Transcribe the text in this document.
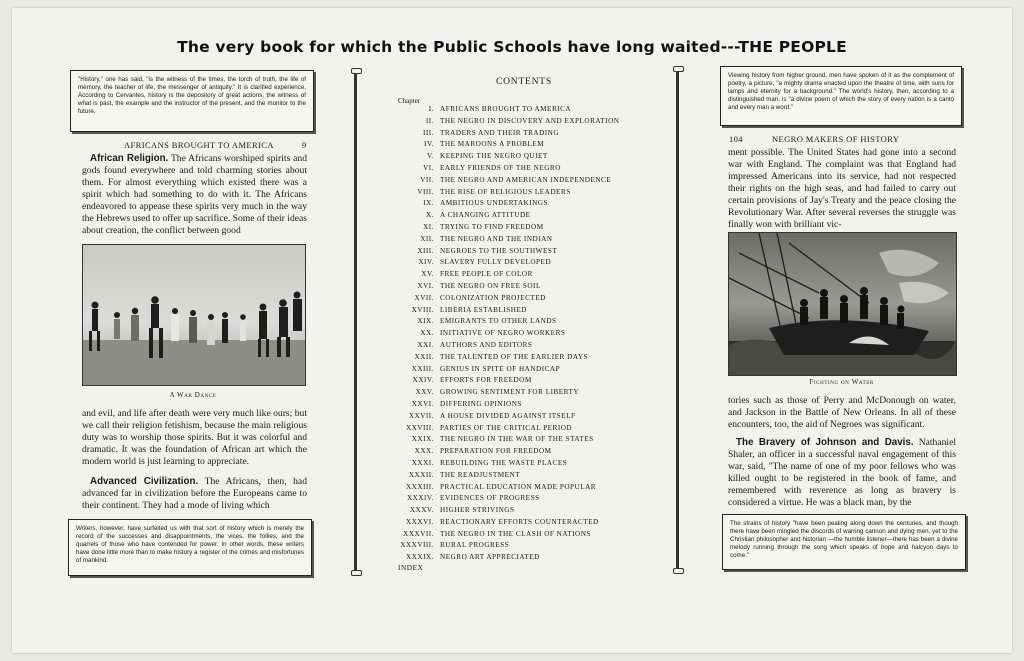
The very book for which the Public Schools have long waited---THE PEOPLE
"History," one has said, "is the witness of the times, the torch of truth, the life of memory, the teacher of life, the messenger of antiquity." It is clarified experience. According to Cervantes, history is the depository of great actions, the witness of what is past, the example and the instructor of the present, and the monitor to the future.
AFRICANS BROUGHT TO AMERICA	9
African Religion. The Africans worshiped spirits and gods found everywhere and told charming stories about them. For almost everything which existed there was a spirit which had something to do with it. The Africans endeavored to appease these spirits very much in the way the Hebrews used to offer up sacrifice. Some of their ideas about creation, the conflict between good
A War Dance
and evil, and life after death were very much like ours; but we call their religion fetishism, because the main religious duty was to worship those spirits. But it was colorful and dramatic. It was the foundation of African art which the modern world is just learning to appreciate.
Advanced Civilization. The Africans, then, had advanced far in civilization before the Europeans came to their continent. They had a mode of living which
Writers, however, have surfeited us with that sort of history which is merely the record of the successes and disappointments, the vices, the follies, and the quarrels of those who have contended for power. In other words, these writers have done little more than to make history a register of the crimes and misfortunes of mankind.
CONTENTS
Chapter
I. AFRICANS BROUGHT TO AMERICA
II. THE NEGRO IN DISCOVERY AND EXPLORATION
III. TRADERS AND THEIR TRADING
IV. THE MAROONS A PROBLEM
V. KEEPING THE NEGRO QUIET
VI. EARLY FRIENDS OF THE NEGRO
VII. THE NEGRO AND AMERICAN INDEPENDENCE
VIII. THE RISE OF RELIGIOUS LEADERS
IX. AMBITIOUS UNDERTAKINGS
X. A CHANGING ATTITUDE
XI. TRYING TO FIND FREEDOM
XII. THE NEGRO AND THE INDIAN
XIII. NEGROES TO THE SOUTHWEST
XIV. SLAVERY FULLY DEVELOPED
XV. FREE PEOPLE OF COLOR
XVI. THE NEGRO ON FREE SOIL
XVII. COLONIZATION PROJECTED
XVIII. LIBERIA ESTABLISHED
XIX. EMIGRANTS TO OTHER LANDS
XX. INITIATIVE OF NEGRO WORKERS
XXI. AUTHORS AND EDITORS
XXII. THE TALENTED OF THE EARLIER DAYS
XXIII. GENIUS IN SPITE OF HANDICAP
XXIV. EFFORTS FOR FREEDOM
XXV. GROWING SENTIMENT FOR LIBERTY
XXVI. DIFFERING OPINIONS
XXVII. A HOUSE DIVIDED AGAINST ITSELF
XXVIII. PARTIES OF THE CRITICAL PERIOD
XXIX. THE NEGRO IN THE WAR OF THE STATES
XXX. PREPARATION FOR FREEDOM
XXXI. REBUILDING THE WASTE PLACES
XXXII. THE READJUSTMENT
XXXIII. PRACTICAL EDUCATION MADE POPULAR
XXXIV. EVIDENCES OF PROGRESS
XXXV. HIGHER STRIVINGS
XXXVI. REACTIONARY EFFORTS COUNTERACTED
XXXVII. THE NEGRO IN THE CLASH OF NATIONS
XXXVIII. RURAL PROGRESS
XXXIX. NEGRO ART APPRECIATED
INDEX
Viewing history from higher ground, men have spoken of it as the complement of poetry, a picture, "a mighty drama enacted upon the theatre of time, with suns for lamps and eternity for a background." The world's history, then, according to a distinguished man, is "a divine poem of which the story of every nation is a canto and every man a word."
104	NEGRO MAKERS OF HISTORY
ment possible. The United States had gone into a second war with England. The complaint was that England had impressed Americans into its service, had not respected their rights on the high seas, and had failed to carry out certain provisions of Jay's Treaty and the peace closing the Revolutionary War. After several reverses the struggle was finally won with brilliant vic-
Fighting on Water
tories such as those of Perry and McDonough on water, and Jackson in the Battle of New Orleans. In all of these encounters, too, the aid of Negroes was significant.
The Bravery of Johnson and Davis. Nathaniel Shaler, an officer in a successful naval engagement of this war, said, "The name of one of my poor fellows who was killed ought to be registered in the book of fame, and remembered with reverence as long as bravery is considered a virtue. He was a black man, by the
The strains of history "have been pealing along down the centuries, and though there have been mingled the discords of warring cannon and dying men, yet to the Christian philosopher and historian —the humble listener—there has been a divine melody running through the song which speaks of hope and halcyon days to come."
